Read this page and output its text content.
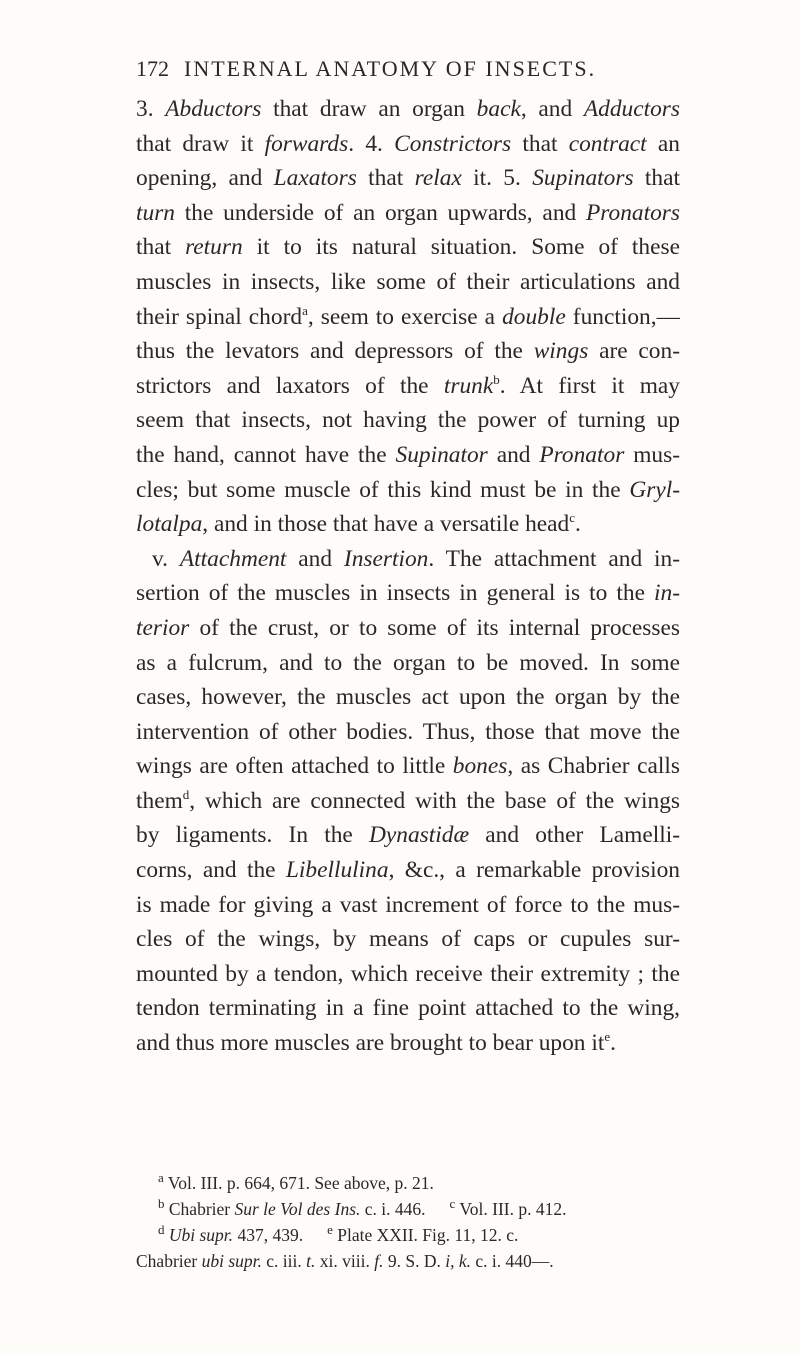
172 INTERNAL ANATOMY OF INSECTS.
3. Abductors that draw an organ back, and Adductors
that draw it forwards. 4. Constrictors that contract an
opening, and Laxators that relax it. 5. Supinators that
turn the underside of an organ upwards, and Pronators
that return it to its natural situation. Some of these
muscles in insects, like some of their articulations and
their spinal chord$^a$, seem to exercise a double function,—
thus the levators and depressors of the wings are con-
strictors and laxators of the trunk$^b$. At first it may
seem that insects, not having the power of turning up
the hand, cannot have the Supinator and Pronator mus-
cles; but some muscle of this kind must be in the Gryl-
lotalpa, and in those that have a versatile head$^c$.
v. Attachment and Insertion. The attachment and in-
sertion of the muscles in insects in general is to the in-
terior of the crust, or to some of its internal processes
as a fulcrum, and to the organ to be moved. In some
cases, however, the muscles act upon the organ by the
intervention of other bodies. Thus, those that move the
wings are often attached to little bones, as Chabrier calls
them$^d$, which are connected with the base of the wings
by ligaments. In the Dynastidæ and other Lamelli-
corns, and the Libellulina, &c., a remarkable provision
is made for giving a vast increment of force to the mus-
cles of the wings, by means of caps or cupules sur-
mounted by a tendon, which receive their extremity ; the
tendon terminating in a fine point attached to the wing,
and thus more muscles are brought to bear upon $it^e$.
$^a$ Vol. III. p. 664, 671. See above, p. 21.
$^b$ Chabrier Sur le Vol des Ins. c. i. 446. $^c$ Vol. III. p. 412.
$^d$ Ubi supr. 437, 439. $^e$ Plate XXII. Fig. 11, 12. c.
Chabrier ubi supr. c. iii. t. xi. viii. f. 9. S. D. i, k. c. i. 440—.
